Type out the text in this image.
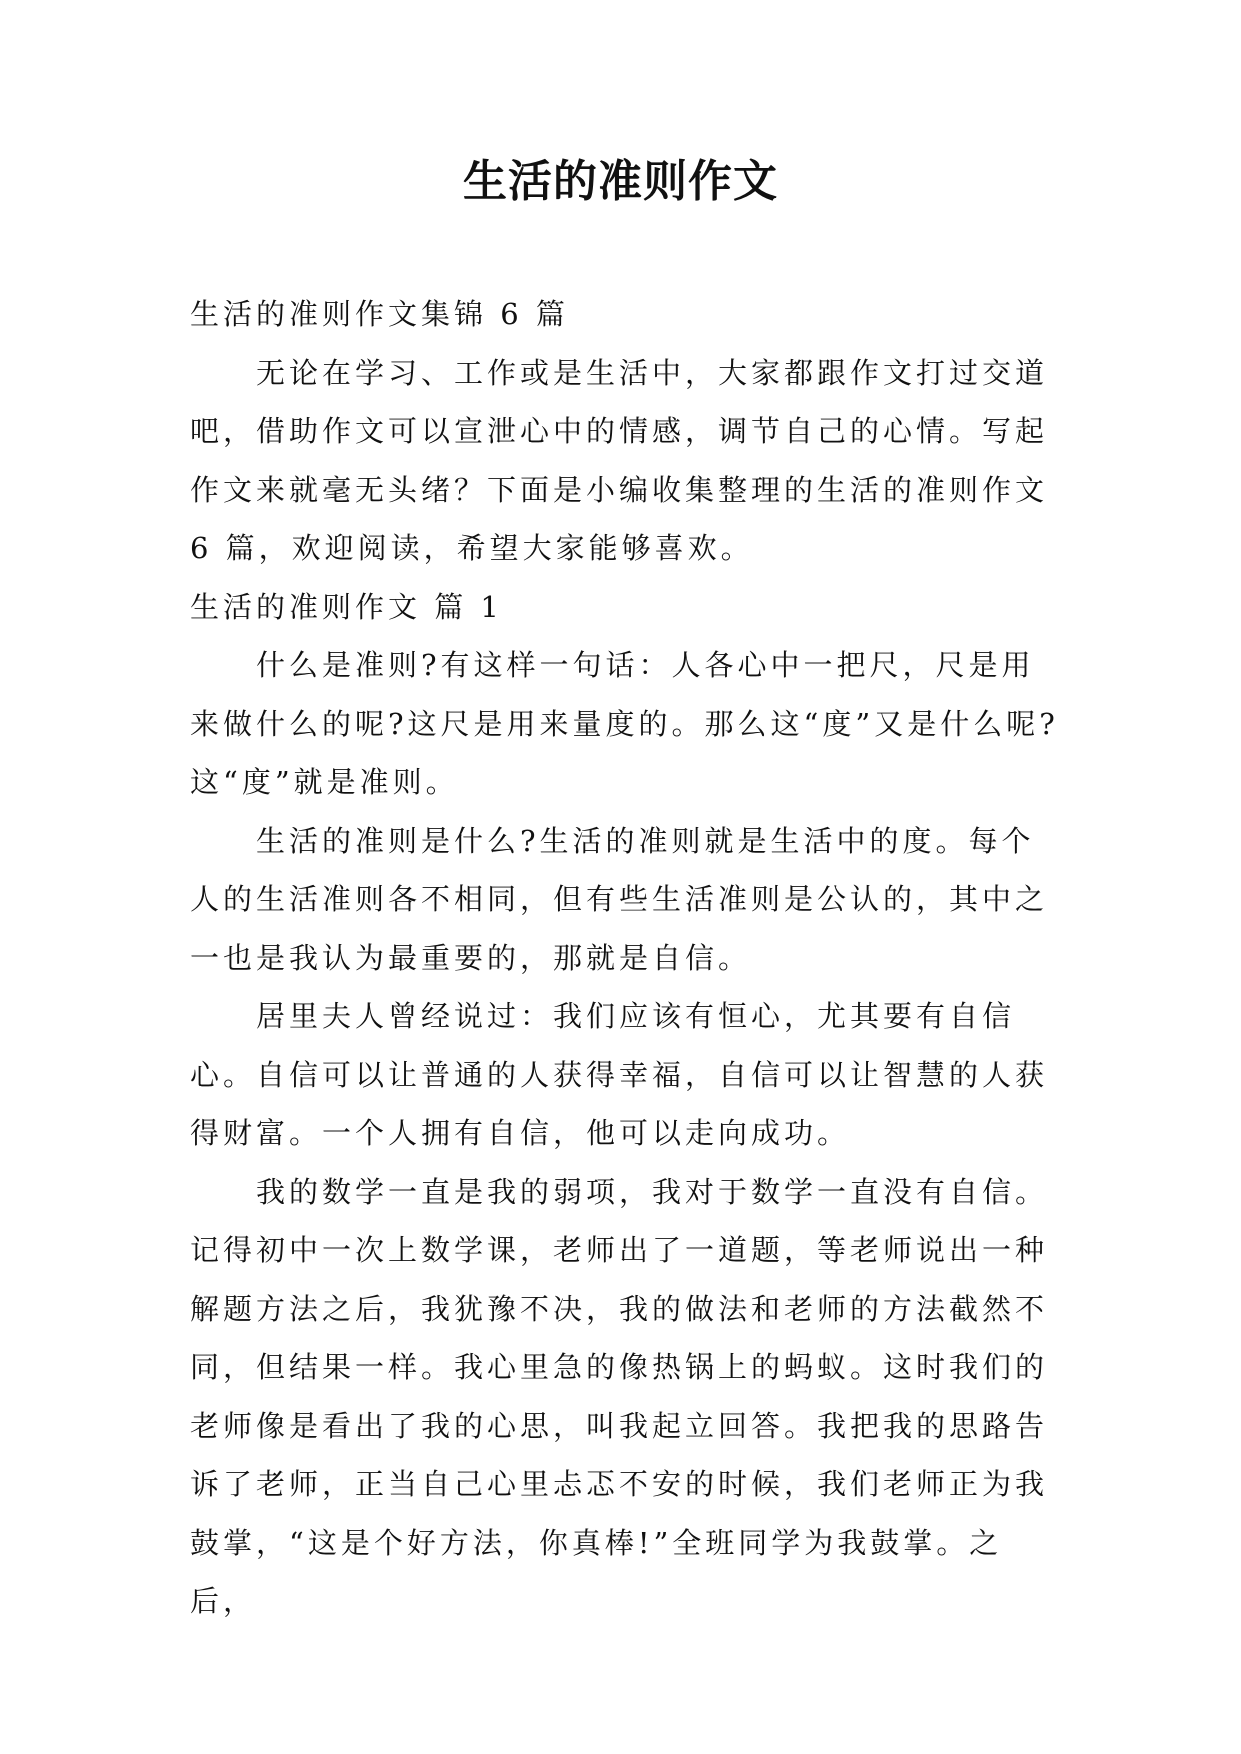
生活的准则作文

生活的准则作文集锦 6 篇

无论在学习、工作或是生活中，大家都跟作文打过交道吧，借助作文可以宣泄心中的情感，调节自己的心情。写起作文来就毫无头绪？下面是小编收集整理的生活的准则作文 6 篇，欢迎阅读，希望大家能够喜欢。

生活的准则作文 篇 1

什么是准则?有这样一句话：人各心中一把尺，尺是用来做什么的呢?这尺是用来量度的。那么这“度”又是什么呢?这“度”就是准则。

生活的准则是什么?生活的准则就是生活中的度。每个人的生活准则各不相同，但有些生活准则是公认的，其中之一也是我认为最重要的，那就是自信。

居里夫人曾经说过：我们应该有恒心，尤其要有自信心。自信可以让普通的人获得幸福，自信可以让智慧的人获得财富。一个人拥有自信，他可以走向成功。

我的数学一直是我的弱项，我对于数学一直没有自信。记得初中一次上数学课，老师出了一道题，等老师说出一种解题方法之后，我犹豫不决，我的做法和老师的方法截然不同，但结果一样。我心里急的像热锅上的蚂蚁。这时我们的老师像是看出了我的心思，叫我起立回答。我把我的思路告诉了老师，正当自己心里忐忑不安的时候，我们老师正为我鼓掌，“这是个好方法，你真棒!”全班同学为我鼓掌。之后，
